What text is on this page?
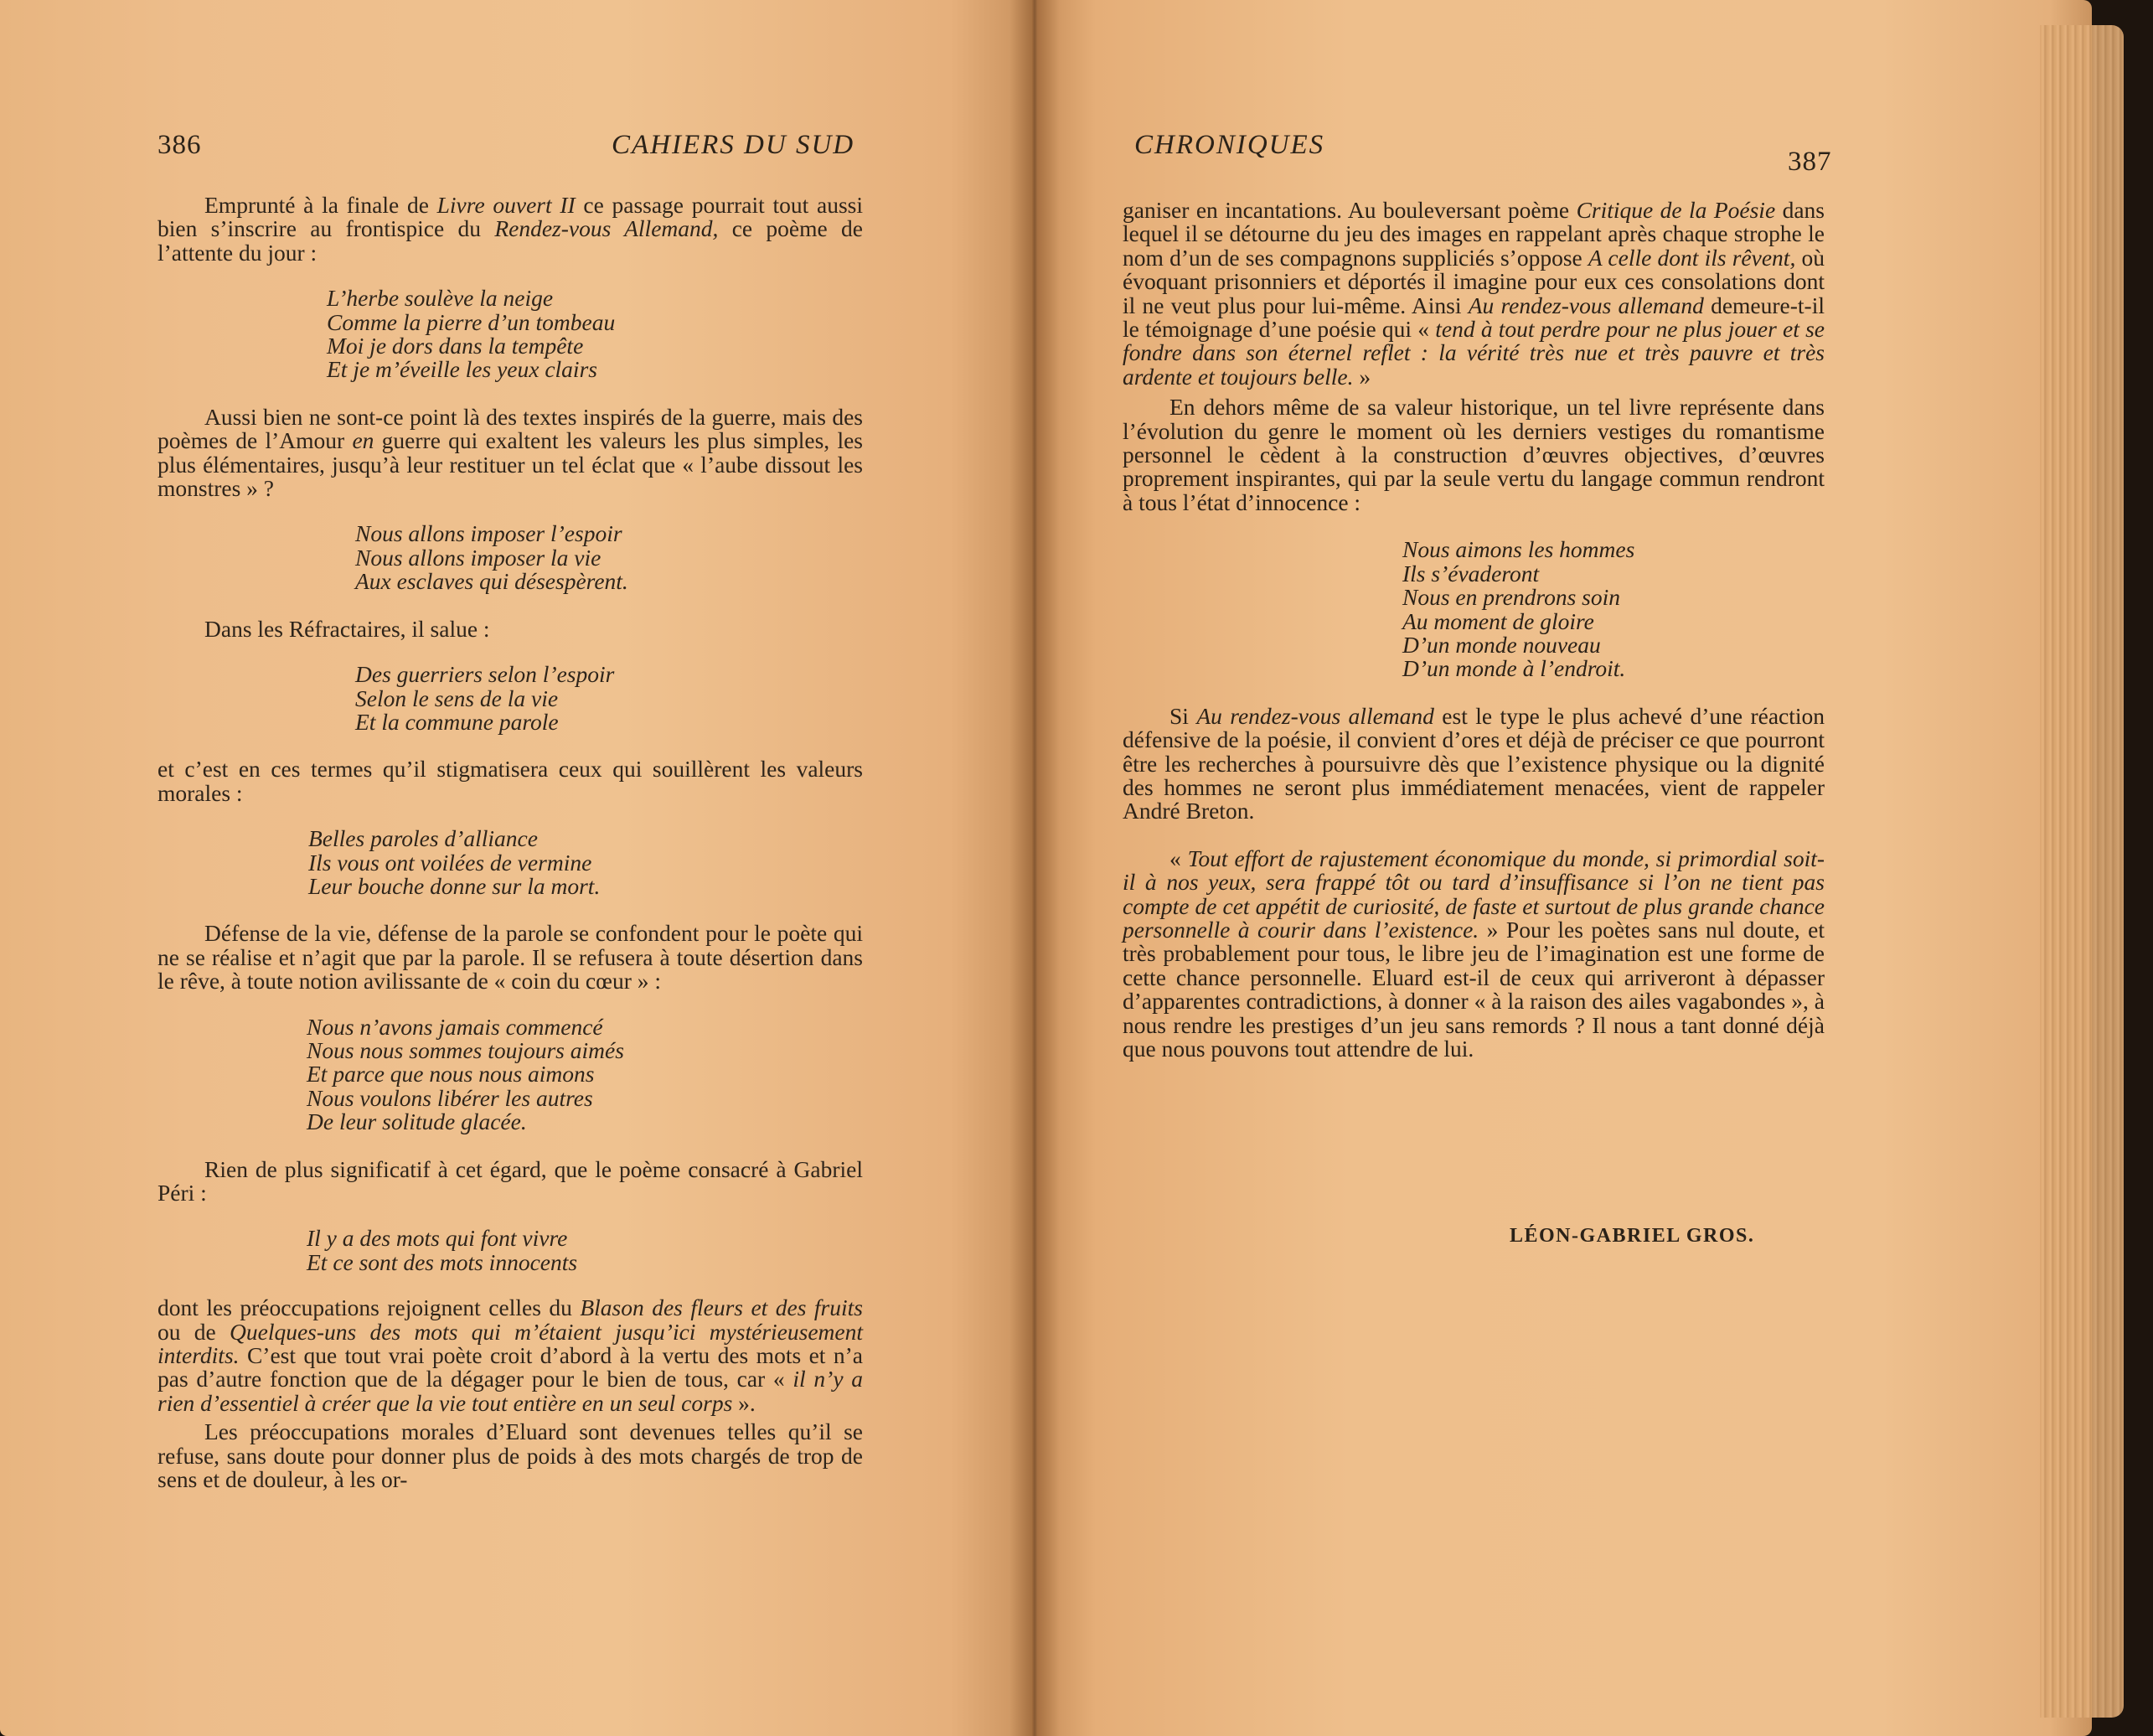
386	CAHIERS DU SUD

Emprunté à la finale de Livre ouvert II ce passage pourrait tout aussi bien s’inscrire au frontispice du Rendez-vous Allemand, ce poème de l’attente du jour :

L’herbe soulève la neige
Comme la pierre d’un tombeau
Moi je dors dans la tempête
Et je m’éveille les yeux clairs

Aussi bien ne sont-ce point là des textes inspirés de la guerre, mais des poèmes de l’Amour en guerre qui exaltent les valeurs les plus simples, les plus élémentaires, jusqu’à leur restituer un tel éclat que « l’aube dissout les monstres » ?

Nous allons imposer l’espoir
Nous allons imposer la vie
Aux esclaves qui désespèrent.

Dans les Réfractaires, il salue :

Des guerriers selon l’espoir
Selon le sens de la vie
Et la commune parole

et c’est en ces termes qu’il stigmatisera ceux qui souillèrent les valeurs morales :

Belles paroles d’alliance
Ils vous ont voilées de vermine
Leur bouche donne sur la mort.

Défense de la vie, défense de la parole se confondent pour le poète qui ne se réalise et n’agit que par la parole. Il se refusera à toute désertion dans le rêve, à toute notion avilissante de « coin du cœur » :

Nous n’avons jamais commencé
Nous nous sommes toujours aimés
Et parce que nous nous aimons
Nous voulons libérer les autres
De leur solitude glacée.

Rien de plus significatif à cet égard, que le poème consacré à Gabriel Péri :

Il y a des mots qui font vivre
Et ce sont des mots innocents

dont les préoccupations rejoignent celles du Blason des fleurs et des fruits ou de Quelques-uns des mots qui m’étaient jusqu’ici mystérieusement interdits. C’est que tout vrai poète croit d’abord à la vertu des mots et n’a pas d’autre fonction que de la dégager pour le bien de tous, car « il n’y a rien d’essentiel à créer que la vie tout entière en un seul corps ».

Les préoccupations morales d’Eluard sont devenues telles qu’il se refuse, sans doute pour donner plus de poids à des mots chargés de trop de sens et de douleur, à les or-

CHRONIQUES
387

ganiser en incantations. Au bouleversant poème Critique de la Poésie dans lequel il se détourne du jeu des images en rappelant après chaque strophe le nom d’un de ses compagnons suppliciés s’oppose A celle dont ils rêvent, où évoquant prisonniers et déportés il imagine pour eux ces consolations dont il ne veut plus pour lui-même. Ainsi Au rendez-vous allemand demeure-t-il le témoignage d’une poésie qui « tend à tout perdre pour ne plus jouer et se fondre dans son éternel reflet : la vérité très nue et très pauvre et très ardente et toujours belle. »

En dehors même de sa valeur historique, un tel livre représente dans l’évolution du genre le moment où les derniers vestiges du romantisme personnel le cèdent à la construction d’œuvres objectives, d’œuvres proprement inspirantes, qui par la seule vertu du langage commun rendront à tous l’état d’innocence :

Nous aimons les hommes
Ils s’évaderont
Nous en prendrons soin
Au moment de gloire
D’un monde nouveau
D’un monde à l’endroit.

Si Au rendez-vous allemand est le type le plus achevé d’une réaction défensive de la poésie, il convient d’ores et déjà de préciser ce que pourront être les recherches à poursuivre dès que l’existence physique ou la dignité des hommes ne seront plus immédiatement menacées, vient de rappeler André Breton.

« Tout effort de rajustement économique du monde, si primordial soit-il à nos yeux, sera frappé tôt ou tard d’insuffisance si l’on ne tient pas compte de cet appétit de curiosité, de faste et surtout de plus grande chance personnelle à courir dans l’existence. » Pour les poètes sans nul doute, et très probablement pour tous, le libre jeu de l’imagination est une forme de cette chance personnelle. Eluard est-il de ceux qui arriveront à dépasser d’apparentes contradictions, à donner « à la raison des ailes vagabondes », à nous rendre les prestiges d’un jeu sans remords ? Il nous a tant donné déjà que nous pouvons tout attendre de lui.

LÉON-GABRIEL GROS.
